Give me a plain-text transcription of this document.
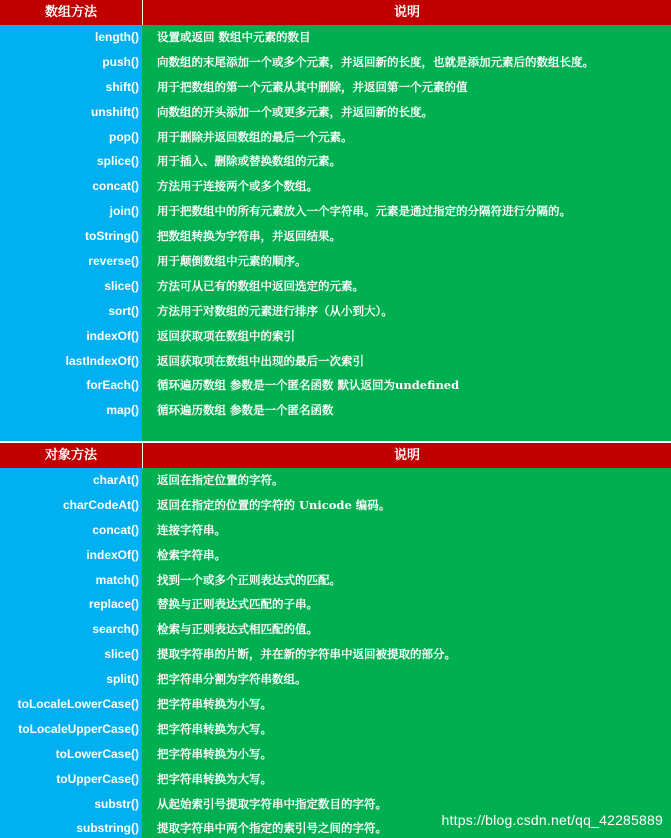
数组方法	说明
length()
push()
shift()
unshift()
pop()
splice()
concat()
join()
toString()
reverse()
slice()
sort()
indexOf()
lastIndexOf()
forEach()
map()
设置或返回 数组中元素的数目
向数组的末尾添加一个或多个元素，并返回新的长度，也就是添加元素后的数组长度。
用于把数组的第一个元素从其中删除，并返回第一个元素的值
向数组的开头添加一个或更多元素，并返回新的长度。
用于删除并返回数组的最后一个元素。
用于插入、删除或替换数组的元素。
方法用于连接两个或多个数组。
用于把数组中的所有元素放入一个字符串。元素是通过指定的分隔符进行分隔的。
把数组转换为字符串，并返回结果。
用于颠倒数组中元素的顺序。
方法可从已有的数组中返回选定的元素。
方法用于对数组的元素进行排序（从小到大）。
返回获取项在数组中的索引
返回获取项在数组中出现的最后一次索引
循环遍历数组 参数是一个匿名函数 默认返回为undefined
循环遍历数组 参数是一个匿名函数
对象方法	说明
charAt()
charCodeAt()
concat()
indexOf()
match()
replace()
search()
slice()
split()
toLocaleLowerCase()
toLocaleUpperCase()
toLowerCase()
toUpperCase()
substr()
substring()
返回在指定位置的字符。
返回在指定的位置的字符的 Unicode 编码。
连接字符串。
检索字符串。
找到一个或多个正则表达式的匹配。
替换与正则表达式匹配的子串。
检索与正则表达式相匹配的值。
提取字符串的片断，并在新的字符串中返回被提取的部分。
把字符串分割为字符串数组。
把字符串转换为小写。
把字符串转换为大写。
把字符串转换为小写。
把字符串转换为大写。
从起始索引号提取字符串中指定数目的字符。
提取字符串中两个指定的索引号之间的字符。
https://blog.csdn.net/qq_42285889
